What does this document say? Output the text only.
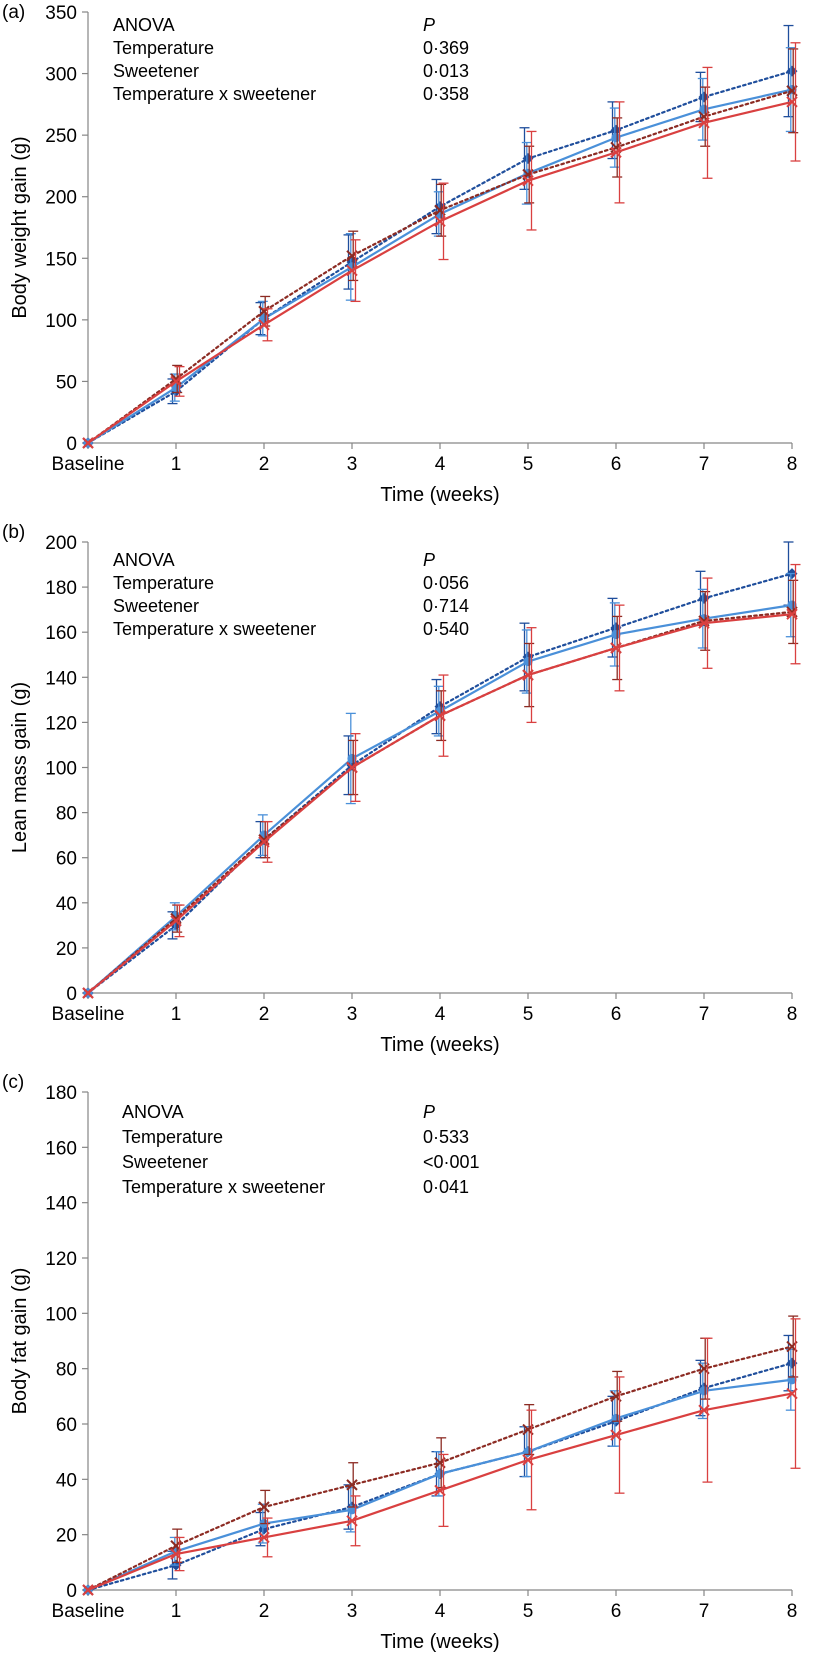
(a)
0
50
100
150
200
250
300
350
Baseline 1	2	3	4	5	6	7	8
Time (weeks)
Body weight gain (g)
ANOVA	P
Temperature	0·369
Sweetener	0·013
Temperature x sweetener	0·358
(b)
0
20
40
60
80
100
120
140
160
180
200
Baseline 1	2	3	4	5	6	7	8
Time (weeks)
Lean mass gain (g)
ANOVA	P
Temperature	0·056
Sweetener	0·714
Temperature x sweetener	0·540
(c)
0
20
40
60
80
100
120
140
160
180
Baseline 1	2	3	4	5	6	7	8
Time (weeks)
Body fat gain (g)
ANOVA	P
Temperature	0·533
Sweetener	<0·001
Temperature x sweetener	0·041
